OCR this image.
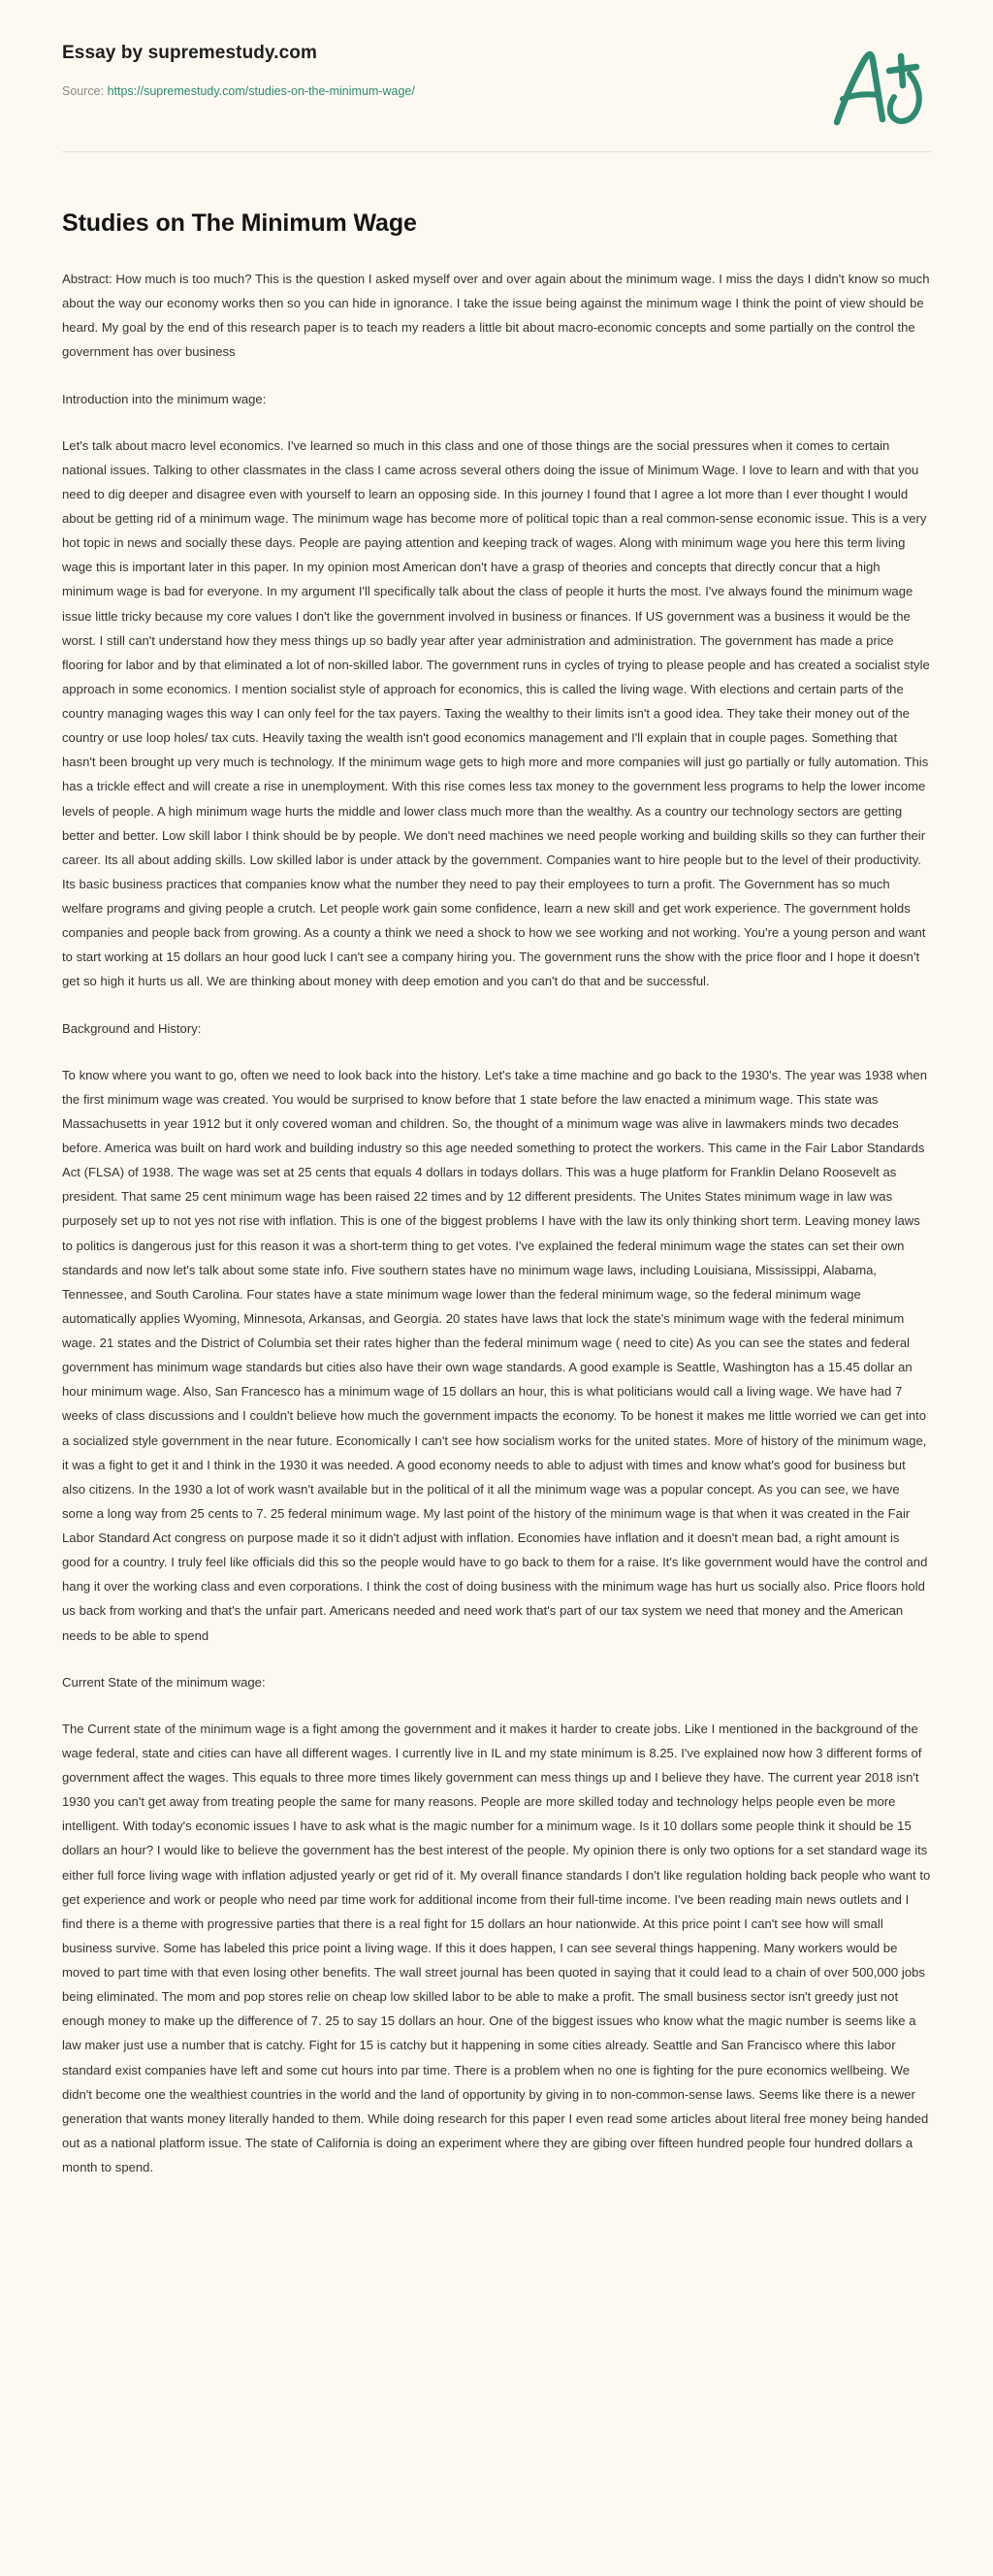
Essay by supremestudy.com
Source: https://supremestudy.com/studies-on-the-minimum-wage/
Studies on The Minimum Wage

Abstract: How much is too much? This is the question I asked myself over and over again about the minimum wage. I miss the days I didn't know so much about the way our economy works then so you can hide in ignorance. I take the issue being against the minimum wage I think the point of view should be heard. My goal by the end of this research paper is to teach my readers a little bit about macro-economic concepts and some partially on the control the government has over business

Introduction into the minimum wage:

Let's talk about macro level economics. I've learned so much in this class and one of those things are the social pressures when it comes to certain national issues. Talking to other classmates in the class I came across several others doing the issue of Minimum Wage. I love to learn and with that you need to dig deeper and disagree even with yourself to learn an opposing side. In this journey I found that I agree a lot more than I ever thought I would about be getting rid of a minimum wage. The minimum wage has become more of political topic than a real common-sense economic issue. This is a very hot topic in news and socially these days. People are paying attention and keeping track of wages. Along with minimum wage you here this term living wage this is important later in this paper. In my opinion most American don't have a grasp of theories and concepts that directly concur that a high minimum wage is bad for everyone. In my argument I'll specifically talk about the class of people it hurts the most. I've always found the minimum wage issue little tricky because my core values I don't like the government involved in business or finances. If US government was a business it would be the worst. I still can't understand how they mess things up so badly year after year administration and administration. The government has made a price flooring for labor and by that eliminated a lot of non-skilled labor. The government runs in cycles of trying to please people and has created a socialist style approach in some economics. I mention socialist style of approach for economics, this is called the living wage. With elections and certain parts of the country managing wages this way I can only feel for the tax payers. Taxing the wealthy to their limits isn't a good idea. They take their money out of the country or use loop holes/ tax cuts. Heavily taxing the wealth isn't good economics management and I'll explain that in couple pages. Something that hasn't been brought up very much is technology. If the minimum wage gets to high more and more companies will just go partially or fully automation. This has a trickle effect and will create a rise in unemployment. With this rise comes less tax money to the government less programs to help the lower income levels of people. A high minimum wage hurts the middle and lower class much more than the wealthy. As a country our technology sectors are getting better and better. Low skill labor I think should be by people. We don't need machines we need people working and building skills so they can further their career. Its all about adding skills. Low skilled labor is under attack by the government. Companies want to hire people but to the level of their productivity. Its basic business practices that companies know what the number they need to pay their employees to turn a profit. The Government has so much welfare programs and giving people a crutch. Let people work gain some confidence, learn a new skill and get work experience. The government holds companies and people back from growing. As a county a think we need a shock to how we see working and not working. You're a young person and want to start working at 15 dollars an hour good luck I can't see a company hiring you. The government runs the show with the price floor and I hope it doesn't get so high it hurts us all. We are thinking about money with deep emotion and you can't do that and be successful.

Background and History:

To know where you want to go, often we need to look back into the history. Let's take a time machine and go back to the 1930's. The year was 1938 when the first minimum wage was created. You would be surprised to know before that 1 state before the law enacted a minimum wage. This state was Massachusetts in year 1912 but it only covered woman and children. So, the thought of a minimum wage was alive in lawmakers minds two decades before. America was built on hard work and building industry so this age needed something to protect the workers. This came in the Fair Labor Standards Act (FLSA) of 1938. The wage was set at 25 cents that equals 4 dollars in todays dollars. This was a huge platform for Franklin Delano Roosevelt as president. That same 25 cent minimum wage has been raised 22 times and by 12 different presidents. The Unites States minimum wage in law was purposely set up to not yes not rise with inflation. This is one of the biggest problems I have with the law its only thinking short term. Leaving money laws to politics is dangerous just for this reason it was a short-term thing to get votes. I've explained the federal minimum wage the states can set their own standards and now let's talk about some state info. Five southern states have no minimum wage laws, including Louisiana, Mississippi, Alabama, Tennessee, and South Carolina. Four states have a state minimum wage lower than the federal minimum wage, so the federal minimum wage automatically applies Wyoming, Minnesota, Arkansas, and Georgia. 20 states have laws that lock the state's minimum wage with the federal minimum wage. 21 states and the District of Columbia set their rates higher than the federal minimum wage ( need to cite) As you can see the states and federal government has minimum wage standards but cities also have their own wage standards. A good example is Seattle, Washington has a 15.45 dollar an hour minimum wage. Also, San Francesco has a minimum wage of 15 dollars an hour, this is what politicians would call a living wage. We have had 7 weeks of class discussions and I couldn't believe how much the government impacts the economy. To be honest it makes me little worried we can get into a socialized style government in the near future. Economically I can't see how socialism works for the united states. More of history of the minimum wage, it was a fight to get it and I think in the 1930 it was needed. A good economy needs to able to adjust with times and know what's good for business but also citizens. In the 1930 a lot of work wasn't available but in the political of it all the minimum wage was a popular concept. As you can see, we have some a long way from 25 cents to 7. 25 federal minimum wage. My last point of the history of the minimum wage is that when it was created in the Fair Labor Standard Act congress on purpose made it so it didn't adjust with inflation. Economies have inflation and it doesn't mean bad, a right amount is good for a country. I truly feel like officials did this so the people would have to go back to them for a raise. It's like government would have the control and hang it over the working class and even corporations. I think the cost of doing business with the minimum wage has hurt us socially also. Price floors hold us back from working and that's the unfair part. Americans needed and need work that's part of our tax system we need that money and the American needs to be able to spend

Current State of the minimum wage:

The Current state of the minimum wage is a fight among the government and it makes it harder to create jobs. Like I mentioned in the background of the wage federal, state and cities can have all different wages. I currently live in IL and my state minimum is 8.25. I've explained now how 3 different forms of government affect the wages. This equals to three more times likely government can mess things up and I believe they have. The current year 2018 isn't 1930 you can't get away from treating people the same for many reasons. People are more skilled today and technology helps people even be more intelligent. With today's economic issues I have to ask what is the magic number for a minimum wage. Is it 10 dollars some people think it should be 15 dollars an hour? I would like to believe the government has the best interest of the people. My opinion there is only two options for a set standard wage its either full force living wage with inflation adjusted yearly or get rid of it. My overall finance standards I don't like regulation holding back people who want to get experience and work or people who need par time work for additional income from their full-time income. I've been reading main news outlets and I find there is a theme with progressive parties that there is a real fight for 15 dollars an hour nationwide. At this price point I can't see how will small business survive. Some has labeled this price point a living wage. If this it does happen, I can see several things happening. Many workers would be moved to part time with that even losing other benefits. The wall street journal has been quoted in saying that it could lead to a chain of over 500,000 jobs being eliminated. The mom and pop stores relie on cheap low skilled labor to be able to make a profit. The small business sector isn't greedy just not enough money to make up the difference of 7. 25 to say 15 dollars an hour. One of the biggest issues who know what the magic number is seems like a law maker just use a number that is catchy. Fight for 15 is catchy but it happening in some cities already. Seattle and San Francisco where this labor standard exist companies have left and some cut hours into par time. There is a problem when no one is fighting for the pure economics wellbeing. We didn't become one the wealthiest countries in the world and the land of opportunity by giving in to non-common-sense laws. Seems like there is a newer generation that wants money literally handed to them. While doing research for this paper I even read some articles about literal free money being handed out as a national platform issue. The state of California is doing an experiment where they are gibing over fifteen hundred people four hundred dollars a month to spend.
